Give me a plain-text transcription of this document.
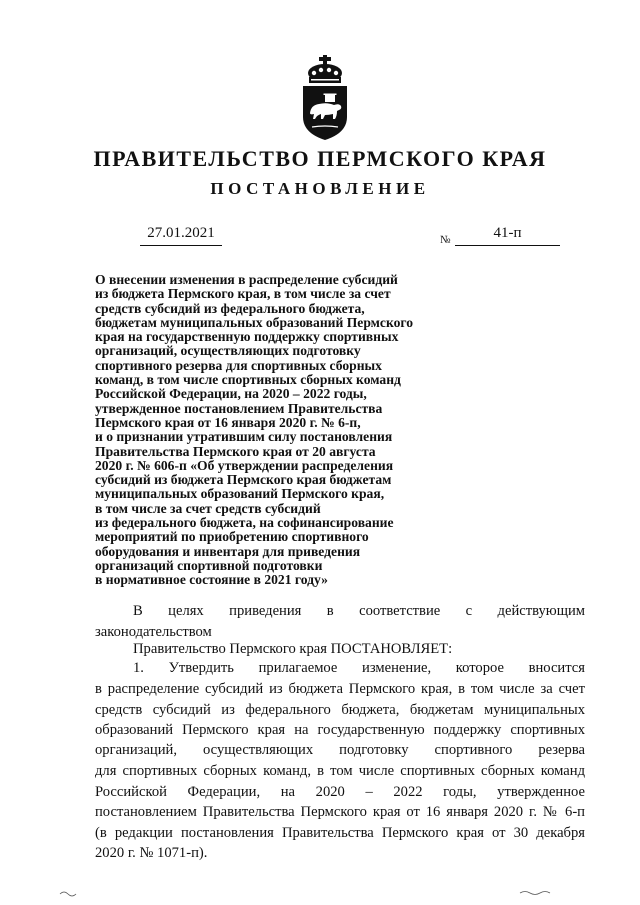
ПРАВИТЕЛЬСТВО ПЕРМСКОГО КРАЯ
ПОСТАНОВЛЕНИЕ
27.01.2021	№	41-п
О внесении изменения в распределение субсидий
из бюджета Пермского края, в том числе за счет
средств субсидий из федерального бюджета,
бюджетам муниципальных образований Пермского
края на государственную поддержку спортивных
организаций, осуществляющих подготовку
спортивного резерва для спортивных сборных
команд, в том числе спортивных сборных команд
Российской Федерации, на 2020 – 2022 годы,
утвержденное постановлением Правительства
Пермского края от 16 января 2020 г. № 6-п,
и о признании утратившим силу постановления
Правительства Пермского края от 20 августа
2020 г. № 606-п «Об утверждении распределения
субсидий из бюджета Пермского края бюджетам
муниципальных образований Пермского края,
в том числе за счет средств субсидий
из федерального бюджета, на софинансирование
мероприятий по приобретению спортивного
оборудования и инвентаря для приведения
организаций спортивной подготовки
в нормативное состояние в 2021 году»
В целях приведения в соответствие с действующим
законодательством
Правительство Пермского края ПОСТАНОВЛЯЕТ:
1. Утвердить прилагаемое изменение, которое вносится
в распределение субсидий из бюджета Пермского края, в том числе за счет
средств субсидий из федерального бюджета, бюджетам муниципальных
образований Пермского края на государственную поддержку спортивных
организаций, осуществляющих подготовку спортивного резерва
для спортивных сборных команд, в том числе спортивных сборных команд
Российской Федерации, на 2020 – 2022 годы, утвержденное
постановлением Правительства Пермского края от 16 января 2020 г. № 6-п
(в редакции постановления Правительства Пермского края от 30 декабря
2020 г. № 1071-п).
